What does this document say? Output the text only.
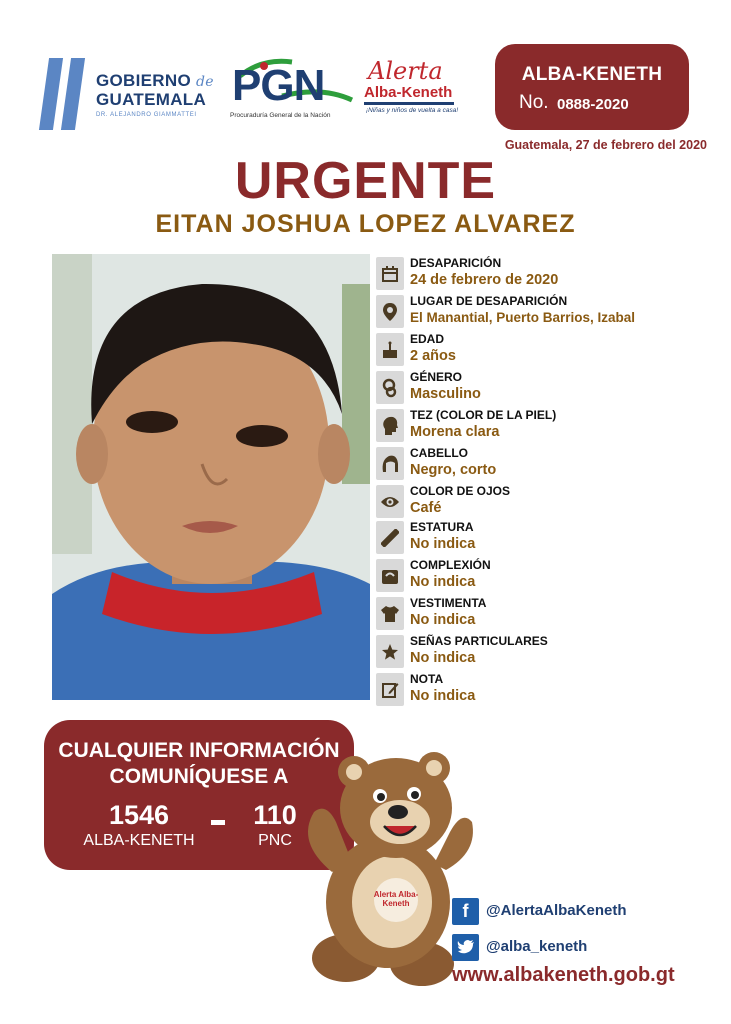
GOBIERNO de
GUATEMALA
DR. ALEJANDRO GIAMMATTEI
PGN
Procuraduría General de la Nación
Alerta
Alba-Keneth
¡Niñas y niños de vuelta a casa!
ALBA-KENETH
No. 0888-2020
Guatemala, 27 de febrero del 2020
URGENTE
EITAN JOSHUA LOPEZ ALVAREZ
DESAPARICIÓN
24 de febrero de 2020
LUGAR DE DESAPARICIÓN
El Manantial, Puerto Barrios, Izabal
EDAD
2 años
GÉNERO
Masculino
TEZ (COLOR DE LA PIEL)
Morena clara
CABELLO
Negro, corto
COLOR DE OJOS
Café
ESTATURA
No indica
COMPLEXIÓN
No indica
VESTIMENTA
No indica
SEÑAS PARTICULARES
No indica
NOTA
No indica
CUALQUIER INFORMACIÓN
COMUNÍQUESE A
1546
ALBA-KENETH
110
PNC
Alerta Alba-Keneth	f	@AlertaAlbaKeneth
@alba_keneth
www.albakeneth.gob.gt
